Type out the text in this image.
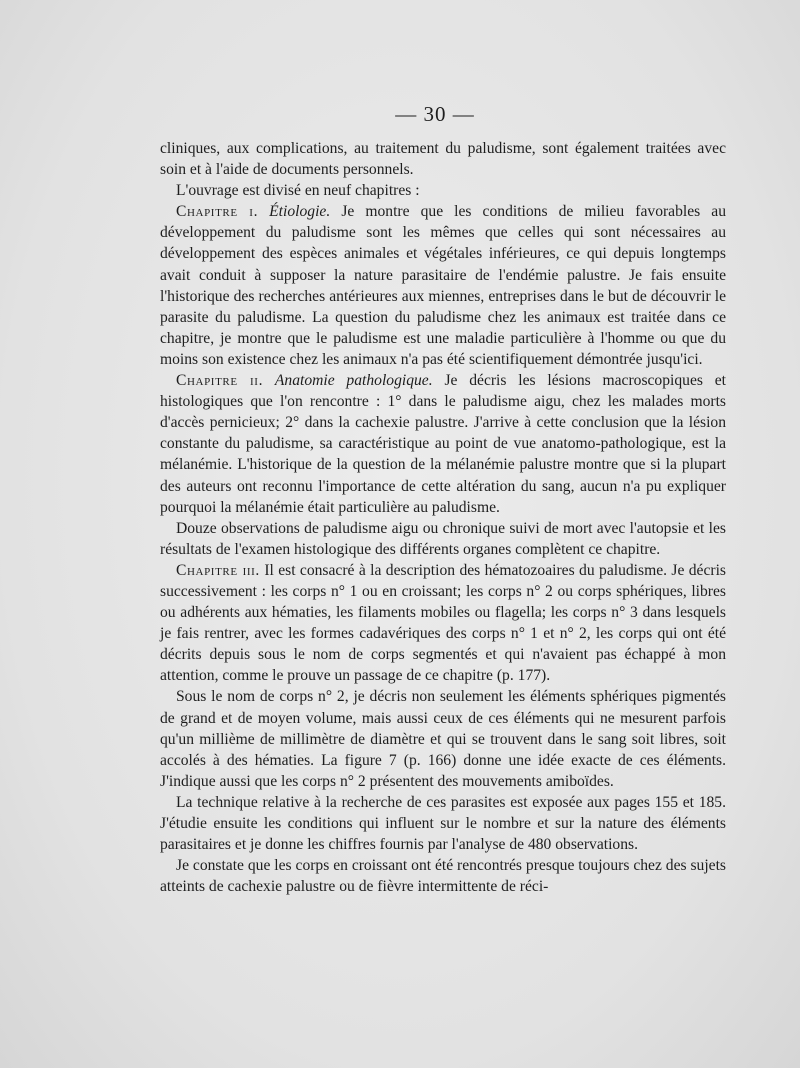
— 30 —

cliniques, aux complications, au traitement du paludisme, sont également traitées avec soin et à l'aide de documents personnels.

L'ouvrage est divisé en neuf chapitres :

Chapitre i. Étiologie. Je montre que les conditions de milieu favorables au développement du paludisme sont les mêmes que celles qui sont nécessaires au développement des espèces animales et végétales inférieures, ce qui depuis longtemps avait conduit à supposer la nature parasitaire de l'endémie palustre. Je fais ensuite l'historique des recherches antérieures aux miennes, entreprises dans le but de découvrir le parasite du paludisme. La question du paludisme chez les animaux est traitée dans ce chapitre, je montre que le paludisme est une maladie particulière à l'homme ou que du moins son existence chez les animaux n'a pas été scientifiquement démontrée jusqu'ici.

Chapitre ii. Anatomie pathologique. Je décris les lésions macroscopiques et histologiques que l'on rencontre : 1° dans le paludisme aigu, chez les malades morts d'accès pernicieux; 2° dans la cachexie palustre. J'arrive à cette conclusion que la lésion constante du paludisme, sa caractéristique au point de vue anatomo-pathologique, est la mélanémie. L'historique de la question de la mélanémie palustre montre que si la plupart des auteurs ont reconnu l'importance de cette altération du sang, aucun n'a pu expliquer pourquoi la mélanémie était particulière au paludisme.

Douze observations de paludisme aigu ou chronique suivi de mort avec l'autopsie et les résultats de l'examen histologique des différents organes complètent ce chapitre.

Chapitre iii. Il est consacré à la description des hématozoaires du paludisme. Je décris successivement : les corps n° 1 ou en croissant; les corps n° 2 ou corps sphériques, libres ou adhérents aux hématies, les filaments mobiles ou flagella; les corps n° 3 dans lesquels je fais rentrer, avec les formes cadavériques des corps n° 1 et n° 2, les corps qui ont été décrits depuis sous le nom de corps segmentés et qui n'avaient pas échappé à mon attention, comme le prouve un passage de ce chapitre (p. 177).

Sous le nom de corps n° 2, je décris non seulement les éléments sphériques pigmentés de grand et de moyen volume, mais aussi ceux de ces éléments qui ne mesurent parfois qu'un millième de millimètre de diamètre et qui se trouvent dans le sang soit libres, soit accolés à des hématies. La figure 7 (p. 166) donne une idée exacte de ces éléments. J'indique aussi que les corps n° 2 présentent des mouvements amiboïdes.

La technique relative à la recherche de ces parasites est exposée aux pages 155 et 185. J'étudie ensuite les conditions qui influent sur le nombre et sur la nature des éléments parasitaires et je donne les chiffres fournis par l'analyse de 480 observations.

Je constate que les corps en croissant ont été rencontrés presque toujours chez des sujets atteints de cachexie palustre ou de fièvre intermittente de réci-
